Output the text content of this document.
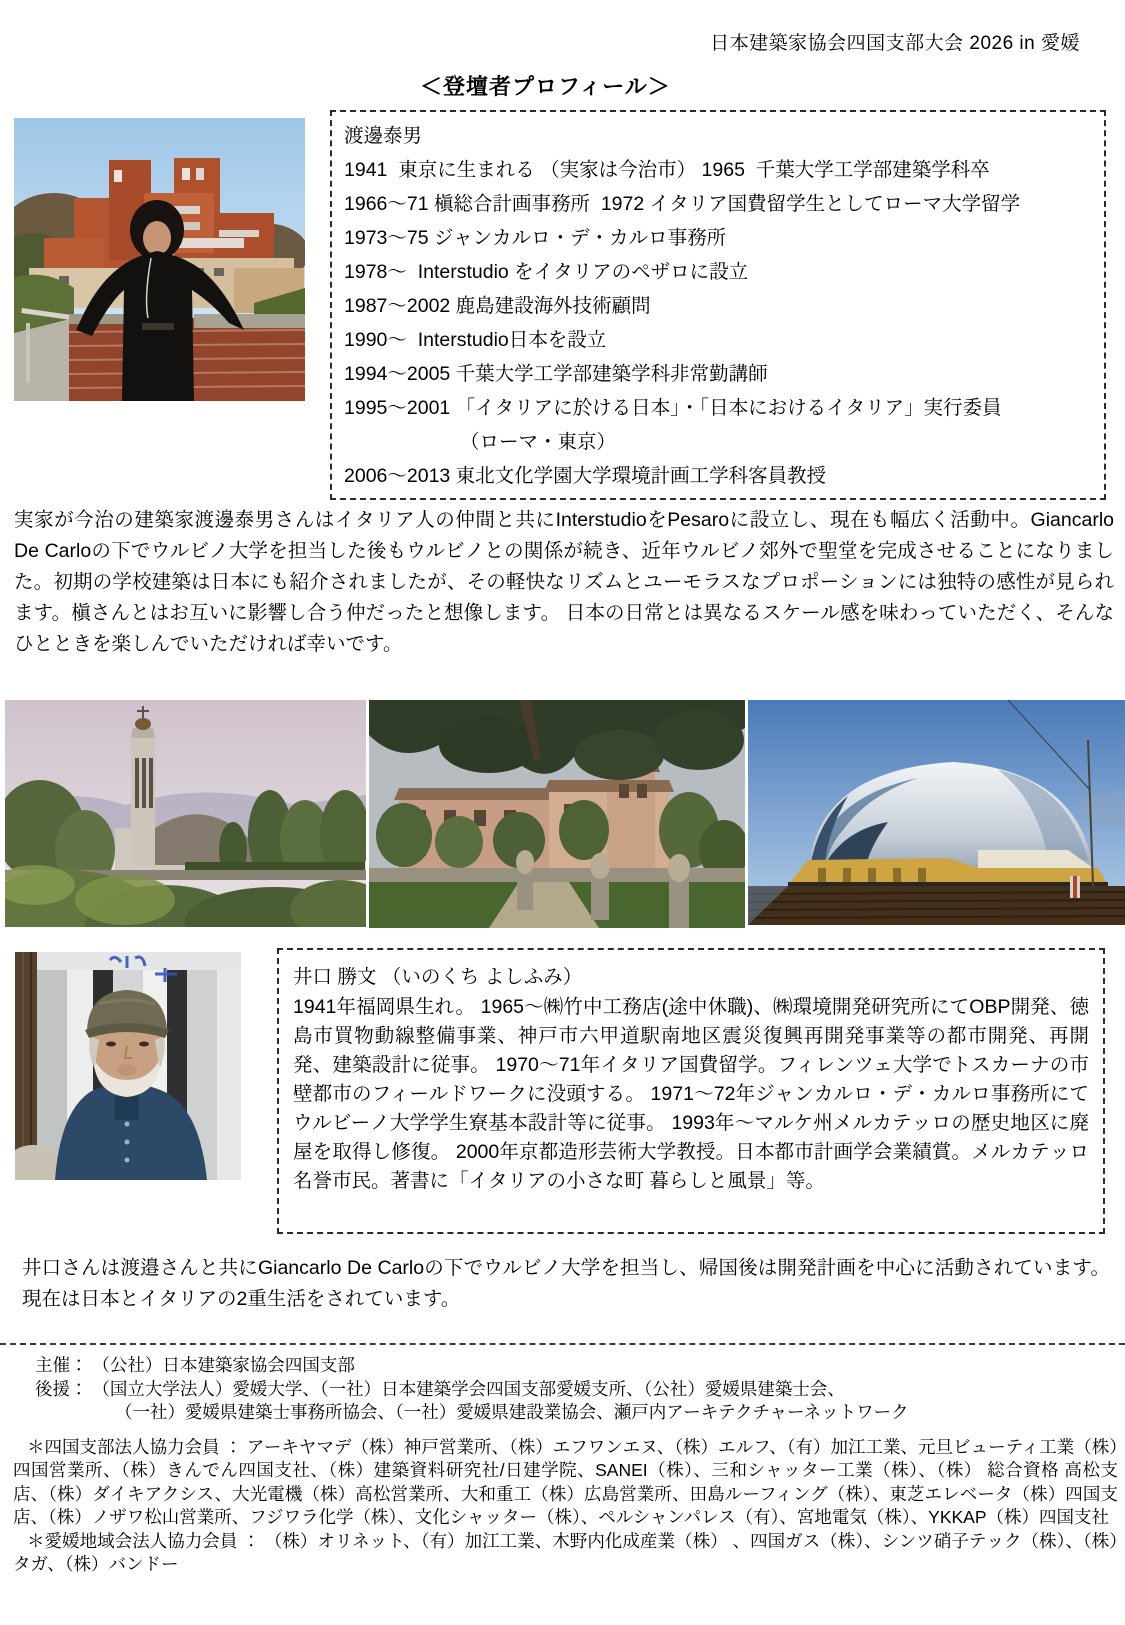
日本建築家協会四国支部大会 2026 in 愛媛
＜登壇者プロフィール＞
渡邊泰男
1941  東京に生まれる （実家は今治市） 1965  千葉大学工学部建築学科卒
1966～71 槇総合計画事務所  1972 イタリア国費留学生としてローマ大学留学
1973～75 ジャンカルロ・デ・カルロ事務所
1978～  Interstudio をイタリアのペザロに設立
1987～2002 鹿島建設海外技術顧問
1990～  Interstudio日本を設立
1994～2005 千葉大学工学部建築学科非常勤講師
1995～2001 「イタリアに於ける日本」・「日本におけるイタリア」実行委員
（ローマ・東京）
2006～2013 東北文化学園大学環境計画工学科客員教授
実家が今治の建築家渡邊泰男さんはイタリア人の仲間と共にInterstudioをPesaroに設立し、現在も幅広く活動中。Giancarlo De Carloの下でウルビノ大学を担当した後もウルビノとの関係が続き、近年ウルビノ郊外で聖堂を完成させることになりました。初期の学校建築は日本にも紹介されましたが、その軽快なリズムとユーモラスなプロポーションには独特の感性が見られます。槇さんとはお互いに影響し合う仲だったと想像します。 日本の日常とは異なるスケール感を味わっていただく、そんなひとときを楽しんでいただければ幸いです。
井口 勝文 （いのくち よしふみ）
1941年福岡県生れ。 1965～㈱竹中工務店(途中休職)、㈱環境開発研究所にてOBP開発、徳島市買物動線整備事業、神戸市六甲道駅南地区震災復興再開発事業等の都市開発、再開発、建築設計に従事。 1970～71年イタリア国費留学。フィレンツェ大学でトスカーナの市壁都市のフィールドワークに没頭する。 1971～72年ジャンカルロ・デ・カルロ事務所にてウルビーノ大学学生寮基本設計等に従事。 1993年～マルケ州メルカテッロの歴史地区に廃屋を取得し修復。 2000年京都造形芸術大学教授。日本都市計画学会業績賞。メルカテッロ名誉市民。著書に「イタリアの小さな町 暮らしと風景」等。
井口さんは渡邉さんと共にGiancarlo De Carloの下でウルビノ大学を担当し、帰国後は開発計画を中心に活動されています。現在は日本とイタリアの2重生活をされています。
主催： （公社）日本建築家協会四国支部
後援： （国立大学法人）愛媛大学、（一社）日本建築学会四国支部愛媛支所、（公社）愛媛県建築士会、
（一社）愛媛県建築士事務所協会、（一社）愛媛県建設業協会、瀬戸内アーキテクチャーネットワーク
＊四国支部法人協力会員 ： アーキヤマデ（株）神戸営業所、（株）エフワンエヌ、（株）エルフ、（有）加江工業、元旦ビューティ工業（株）四国営業所、（株）きんでん四国支社、（株）建築資料研究社/日建学院、SANEI（株）、三和シャッター工業（株）、（株） 総合資格 高松支店、（株）ダイキアクシス、大光電機（株）高松営業所、大和重工（株）広島営業所、田島ルーフィング（株）、東芝エレベータ（株）四国支店、（株）ノザワ松山営業所、フジワラ化学（株）、文化シャッター（株）、ペルシャンパレス（有）、宮地電気（株）、YKKAP（株）四国支社
＊愛媛地域会法人協力会員 ： （株）オリネット、（有）加江工業、木野内化成産業（株） 、四国ガス（株）、シンツ硝子テック（株）、（株）タガ、（株）バンドー
